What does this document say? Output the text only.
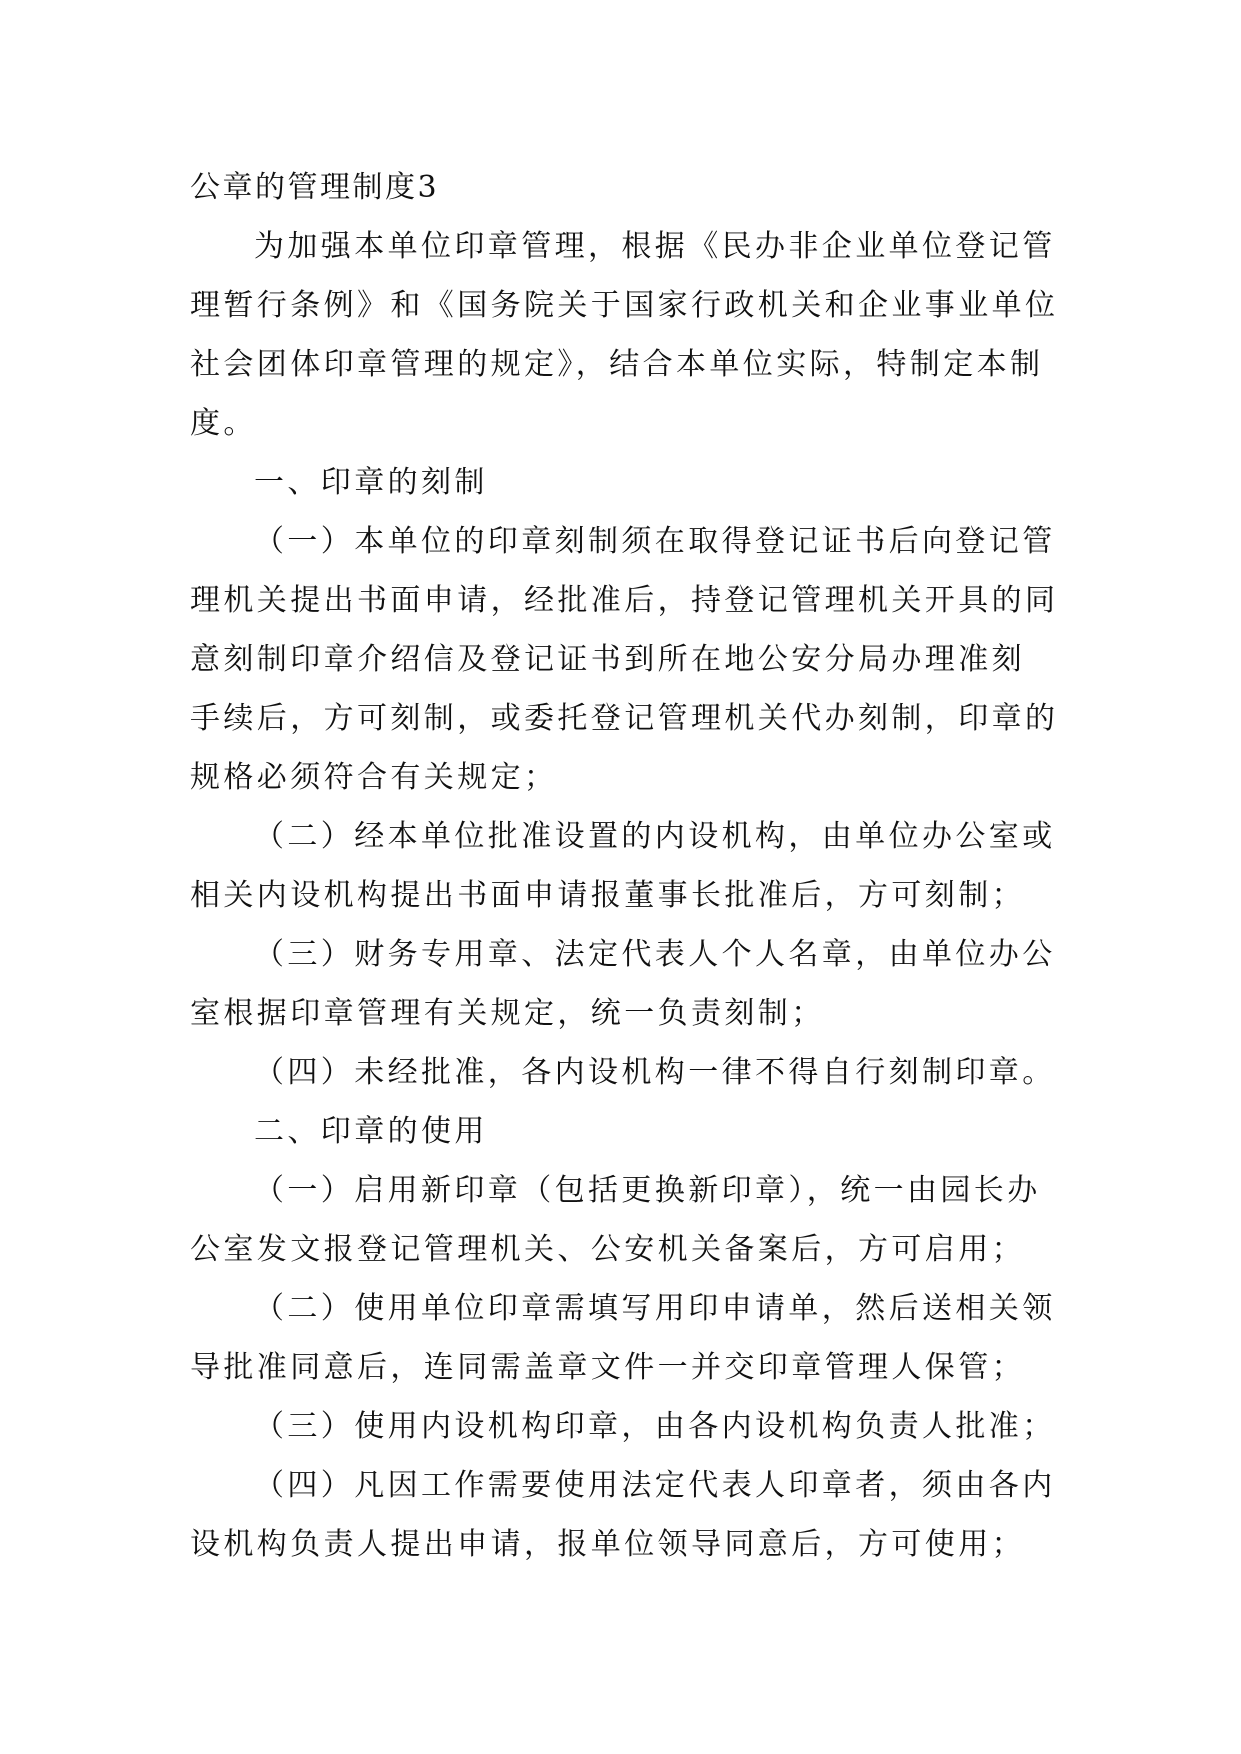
公章的管理制度3
为加强本单位印章管理，根据《民办非企业单位登记管
理暂行条例》和《国务院关于国家行政机关和企业事业单位
社会团体印章管理的规定》，结合本单位实际，特制定本制
度。
一、印章的刻制
（一）本单位的印章刻制须在取得登记证书后向登记管
理机关提出书面申请，经批准后，持登记管理机关开具的同
意刻制印章介绍信及登记证书到所在地公安分局办理准刻
手续后，方可刻制，或委托登记管理机关代办刻制，印章的
规格必须符合有关规定；
（二）经本单位批准设置的内设机构，由单位办公室或
相关内设机构提出书面申请报董事长批准后，方可刻制；
（三）财务专用章、法定代表人个人名章，由单位办公
室根据印章管理有关规定，统一负责刻制；
（四）未经批准，各内设机构一律不得自行刻制印章。
二、印章的使用
（一）启用新印章（包括更换新印章），统一由园长办
公室发文报登记管理机关、公安机关备案后，方可启用；
（二）使用单位印章需填写用印申请单，然后送相关领
导批准同意后，连同需盖章文件一并交印章管理人保管；
（三）使用内设机构印章，由各内设机构负责人批准；
（四）凡因工作需要使用法定代表人印章者，须由各内
设机构负责人提出申请，报单位领导同意后，方可使用；
